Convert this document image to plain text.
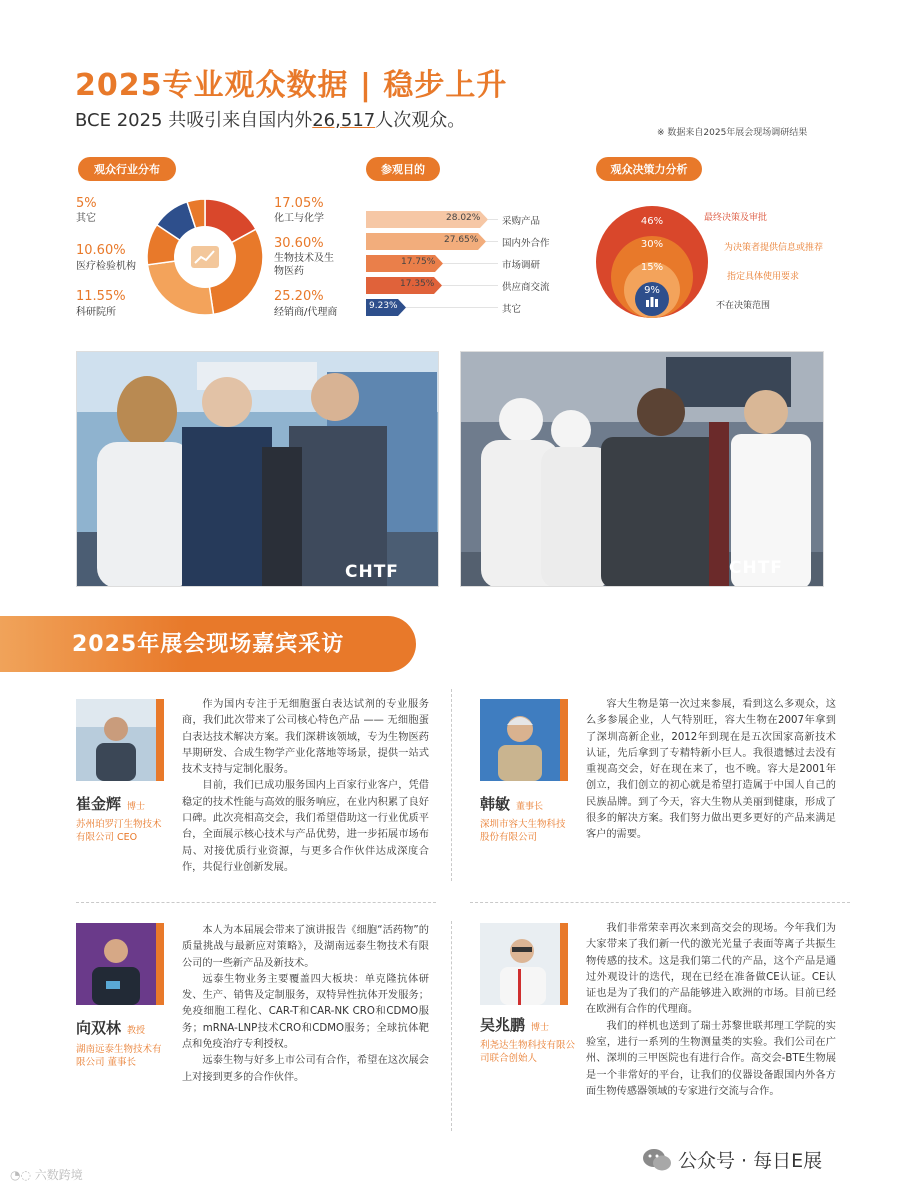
2025专业观众数据 | 稳步上升
BCE 2025 共吸引来自国内外26,517人次观众。
※ 数据来自2025年展会现场调研结果
观众行业分布
5%
其它
10.60%
医疗检验机构
11.55%
科研院所
17.05%
化工与化学
30.60%
生物技术及生物医药
25.20%
经销商/代理商
参观目的
28.02% 采购产品
27.65% 国内外合作
17.75%	市场调研
17.35%	供应商交流
9.23%	其它
观众决策力分析
46%
30%
15%
9%
最终决策及审批
为决策者提供信息或推荐
指定具体使用要求
不在决策范围
CHTF	CHTF
2025年展会现场嘉宾采访
崔金辉 博士
苏州珀罗汀生物技术有限公司 CEO

作为国内专注于无细胞蛋白表达试剂的专业服务商，我们此次带来了公司核心特色产品 —— 无细胞蛋白表达技术解决方案。我们深耕该领域，专为生物医药早期研发、合成生物学产业化落地等场景，提供一站式技术支持与定制化服务。

目前，我们已成功服务国内上百家行业客户，凭借稳定的技术性能与高效的服务响应，在业内积累了良好口碑。此次亮相高交会，我们希望借助这一行业优质平台，全面展示核心技术与产品优势，进一步拓展市场布局、对接优质行业资源，与更多合作伙伴达成深度合作，共促行业创新发展。

韩敏 董事长
深圳市容大生物科技股份有限公司

容大生物是第一次过来参展，看到这么多观众，这么多参展企业，人气特别旺，容大生物在2007年拿到了深圳高新企业，2012年到现在是五次国家高新技术认证，先后拿到了专精特新小巨人。我很遗憾过去没有重视高交会，好在现在来了，也不晚。容大是2001年创立，我们创立的初心就是希望打造属于中国人自己的民族品牌。到了今天，容大生物从美丽到健康，形成了很多的解决方案。我们努力做出更多更好的产品来满足客户的需要。

向双林 教授
湖南远泰生物技术有限公司 董事长

本人为本届展会带来了演讲报告《细胞“活药物”的质量挑战与最新应对策略》，及湖南远泰生物技术有限公司的一些新产品及新技术。

远泰生物业务主要覆盖四大板块：单克隆抗体研发、生产、销售及定制服务，双特异性抗体开发服务；免疫细胞工程化、CAR-T和CAR-NK CRO和CDMO服务；mRNA-LNP技术CRO和CDMO服务；全球抗体靶点和免疫治疗专利授权。

远泰生物与好多上市公司有合作，希望在这次展会上对接到更多的合作伙伴。

吴兆鹏 博士
利尧达生物科技有限公司联合创始人

我们非常荣幸再次来到高交会的现场。今年我们为大家带来了我们新一代的激光光量子表面等离子共振生物传感的技术。这是我们第二代的产品，这个产品是通过外观设计的迭代，现在已经在准备做CE认证。CE认证也是为了我们的产品能够进入欧洲的市场。目前已经在欧洲有合作的代理商。

我们的样机也送到了瑞士苏黎世联邦理工学院的实验室，进行一系列的生物测量类的实验。我们公司在广州、深圳的三甲医院也有进行合作。高交会-BTE生物展是一个非常好的平台，让我们的仪器设备跟国内外各方面生物传感器领域的专家进行交流与合作。

◔◌ 六数跨境
公众号 · 每日E展
